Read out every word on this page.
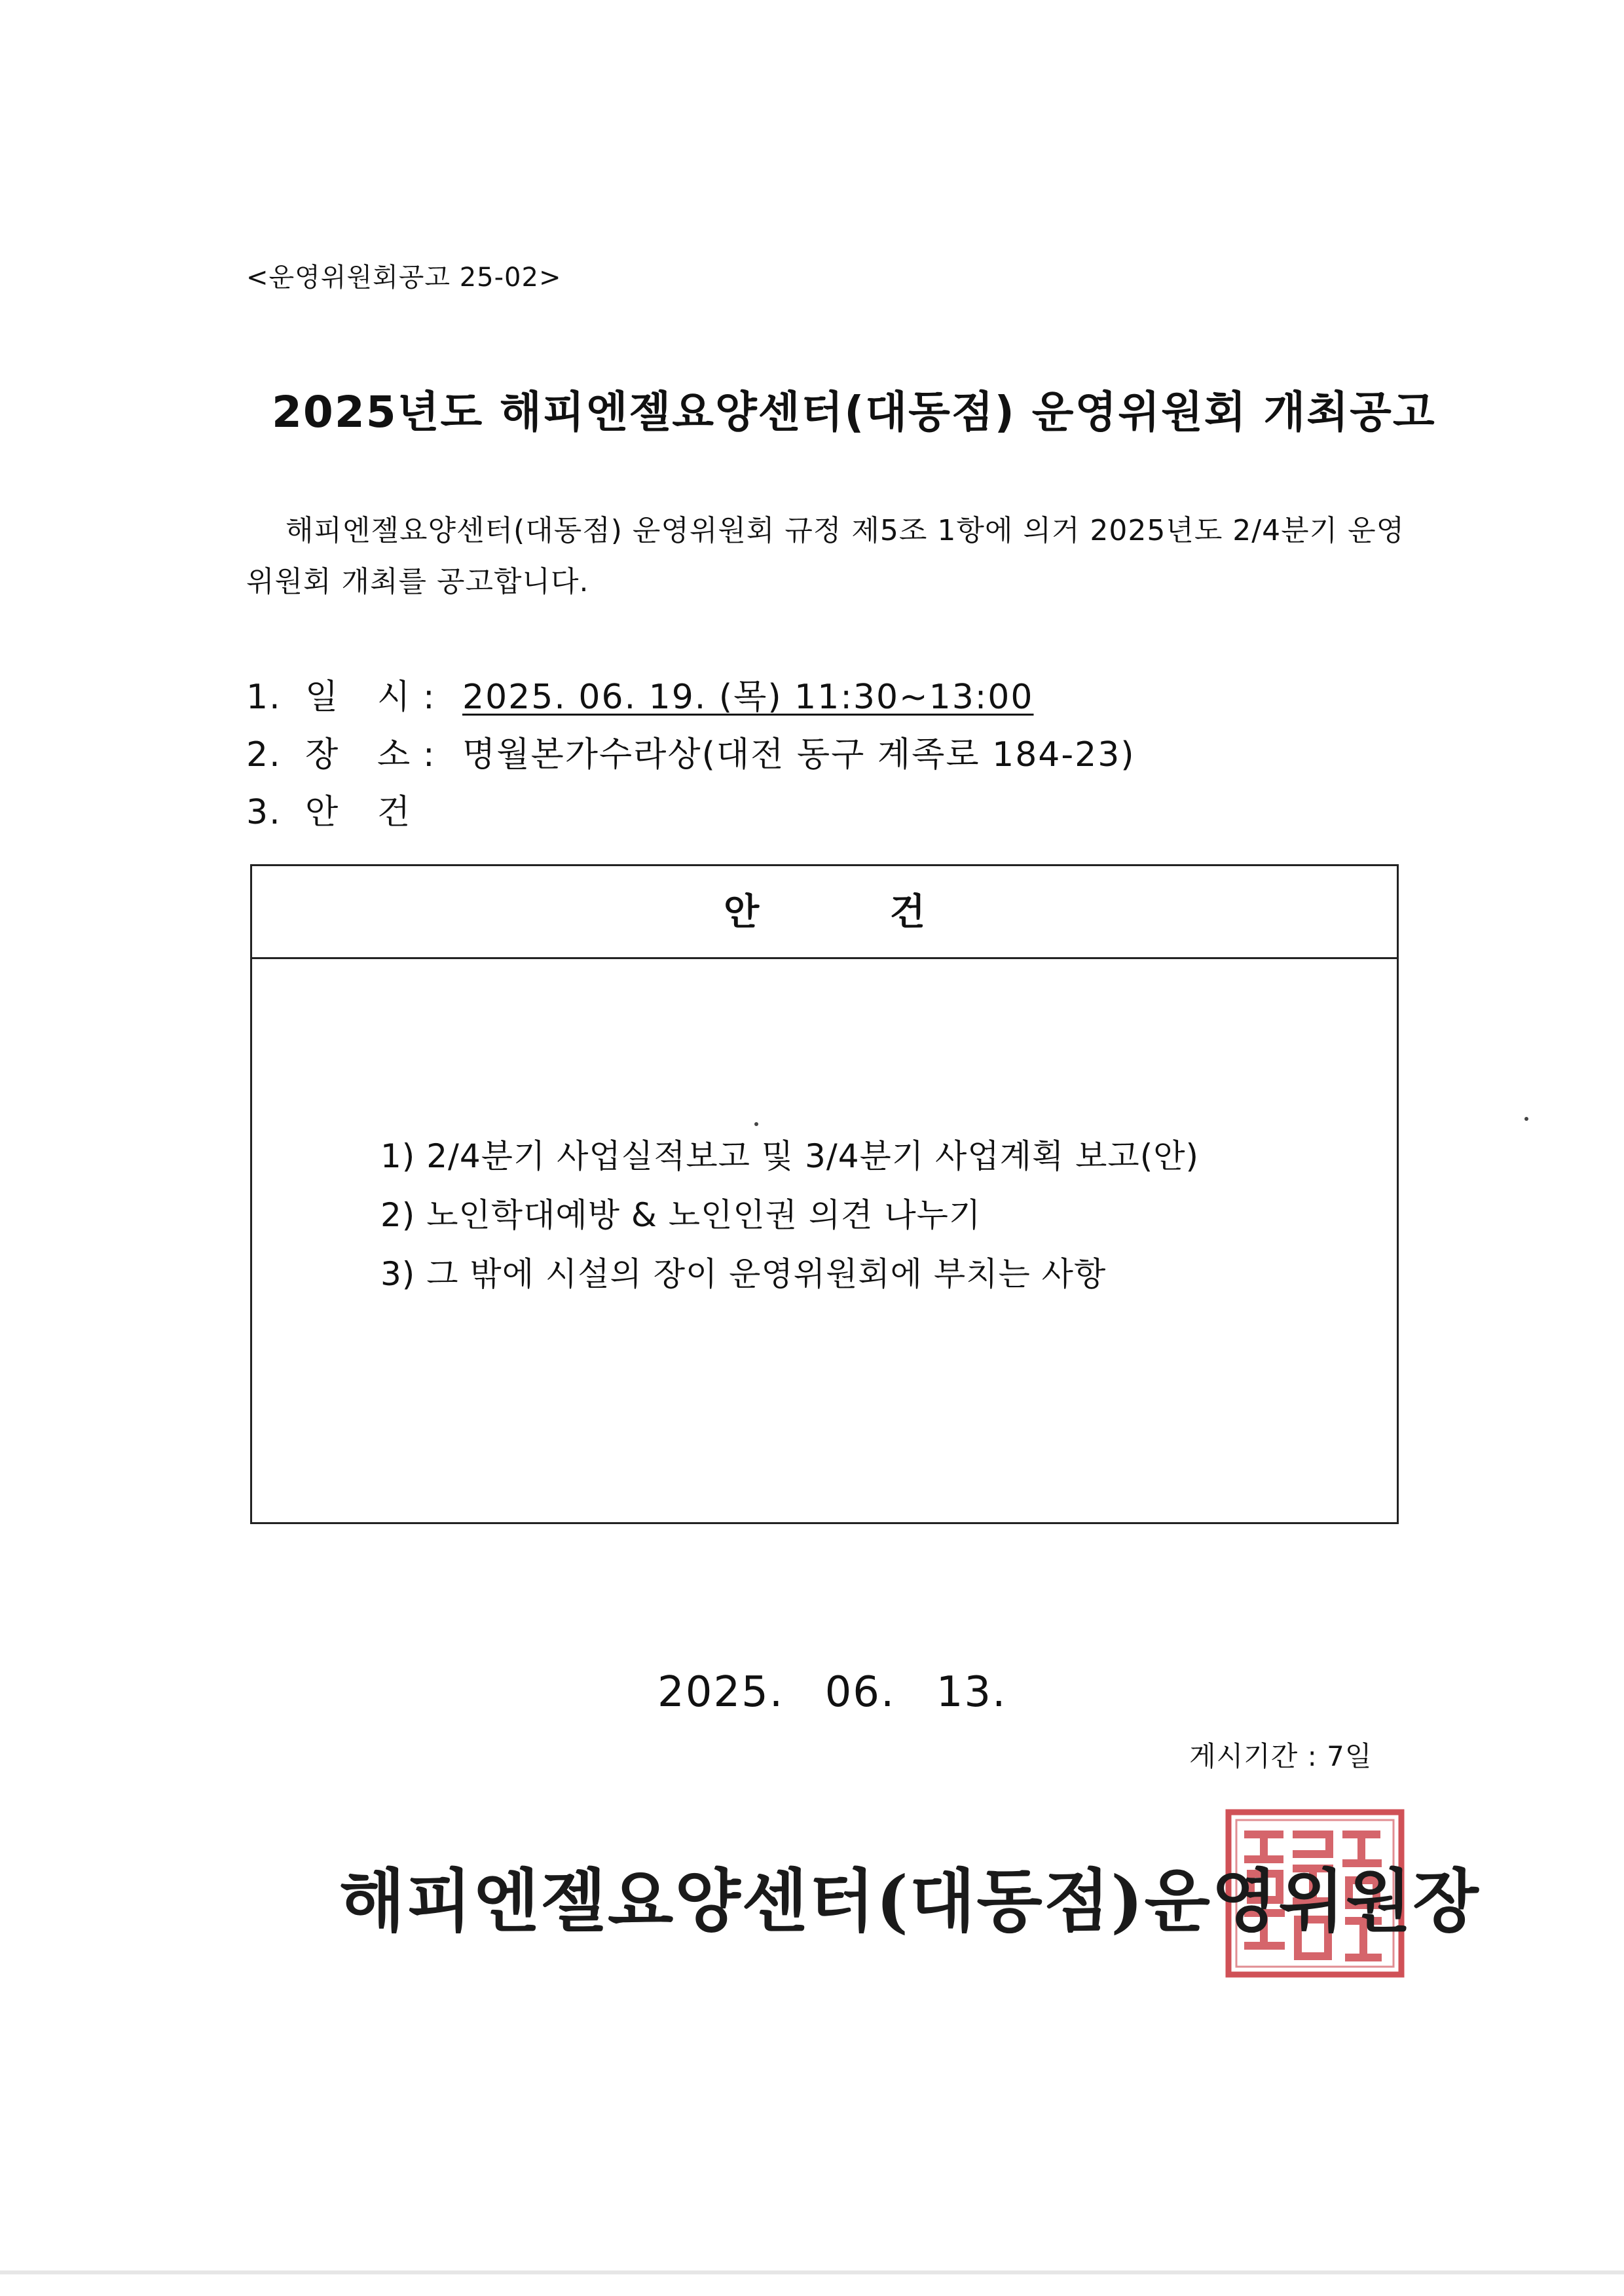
<운영위원회공고 25-02>
2025년도 해피엔젤요양센터(대동점) 운영위원회 개최공고
해피엔젤요양센터(대동점) 운영위원회 규정 제5조 1항에 의거 2025년도 2/4분기 운영위원회 개최를 공고합니다.
1. 일 시 : 2025. 06. 19. (목) 11:30~13:00
2. 장 소 : 명월본가수라상(대전 동구 계족로 184-23)
3. 안 건
안 건
1) 2/4분기 사업실적보고 및 3/4분기 사업계획 보고(안)
2) 노인학대예방 & 노인인권 의견 나누기
3) 그 밖에 시설의 장이 운영위원회에 부치는 사항
2025. 06. 13.
게시기간 : 7일
해피엔젤요양센터(대동점)운영위원장
